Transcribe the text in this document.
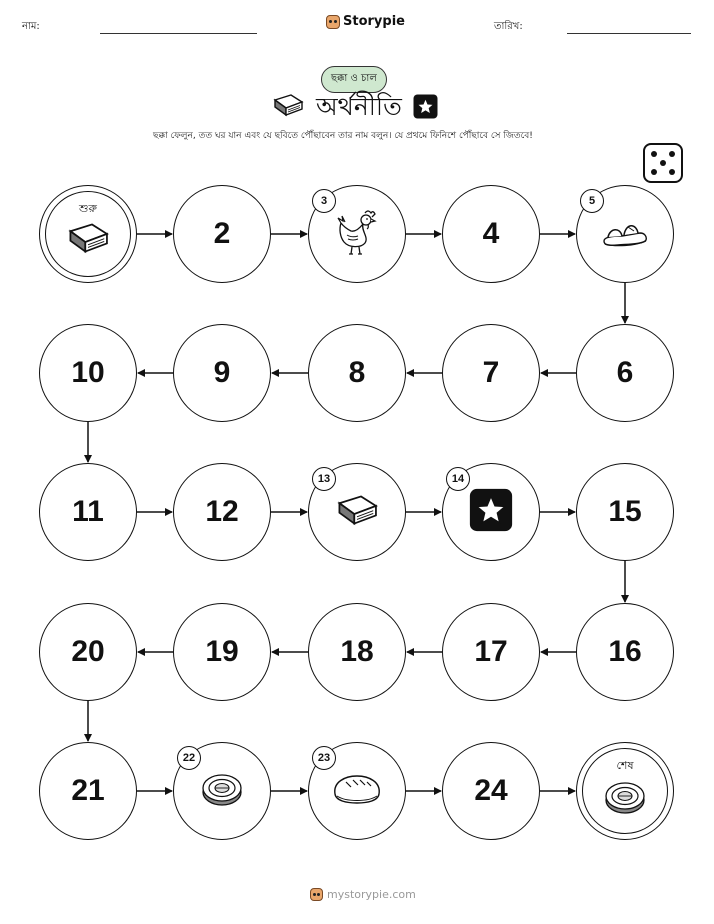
নাম:	Storypie	তারিখ:
ছক্কা ও চাল
অর্থনীতি
ছক্কা ফেলুন, তত ঘর যান এবং যে ছবিতে পৌঁছাবেন তার নাম বলুন। যে প্রথমে ফিনিশে পৌঁছাবে সে জিতবে!
শুরু
2
3
4
5
6
7
8
9
10
11	12
13	14
15
16
17
18
19
20
21
22	23
24
শেষ
mystorypie.com
